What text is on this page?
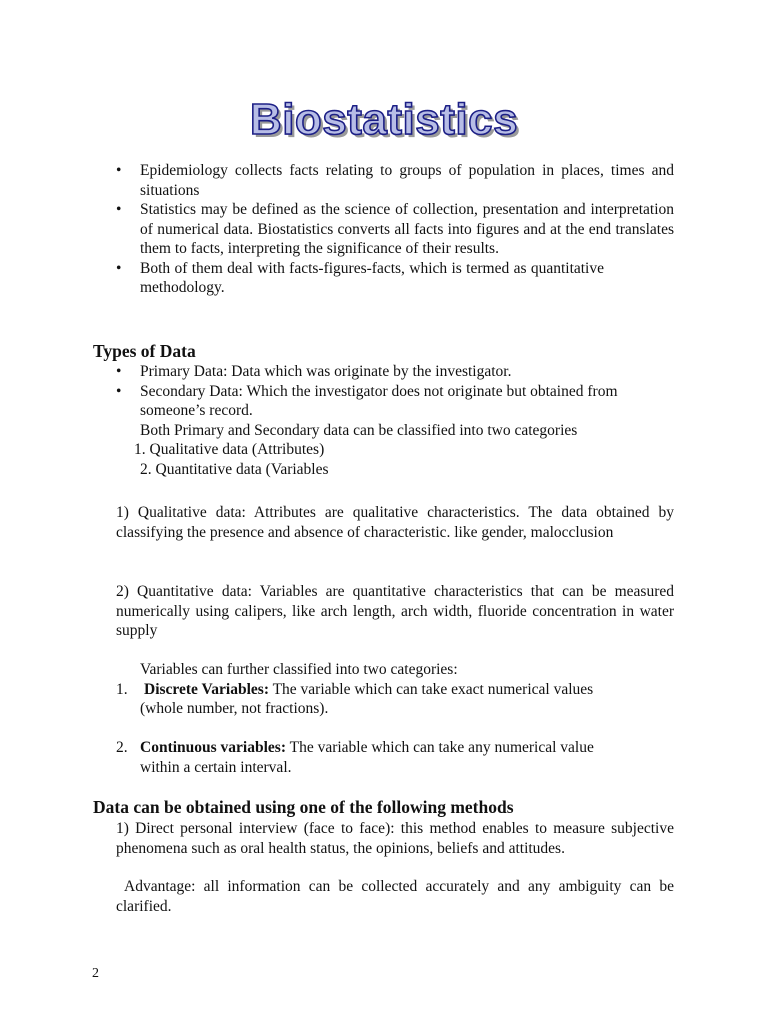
Biostatistics
• Epidemiology collects facts relating to groups of population in places, times and situations
• Statistics may be defined as the science of collection, presentation and interpretation of numerical data. Biostatistics converts all facts into figures and at the end translates them to facts, interpreting the significance of their results.
• Both of them deal with facts-figures-facts, which is termed as quantitative methodology.
Types of Data
• Primary Data: Data which was originate by the investigator.
• Secondary Data: Which the investigator does not originate but obtained from someone’s record.
Both Primary and Secondary data can be classified into two categories
1. Qualitative data (Attributes)
2. Quantitative data (Variables
1) Qualitative data: Attributes are qualitative characteristics. The data obtained by classifying the presence and absence of characteristic. like gender, malocclusion
2) Quantitative data: Variables are quantitative characteristics that can be measured numerically using calipers, like arch length, arch width, fluoride concentration in water supply
Variables can further classified into two categories:
1. Discrete Variables: The variable which can take exact numerical values
(whole number, not fractions).
2. Continuous variables: The variable which can take any numerical value
within a certain interval.
Data can be obtained using one of the following methods
1) Direct personal interview (face to face): this method enables to measure subjective phenomena such as oral health status, the opinions, beliefs and attitudes.
Advantage: all information can be collected accurately and any ambiguity can be clarified.
2
